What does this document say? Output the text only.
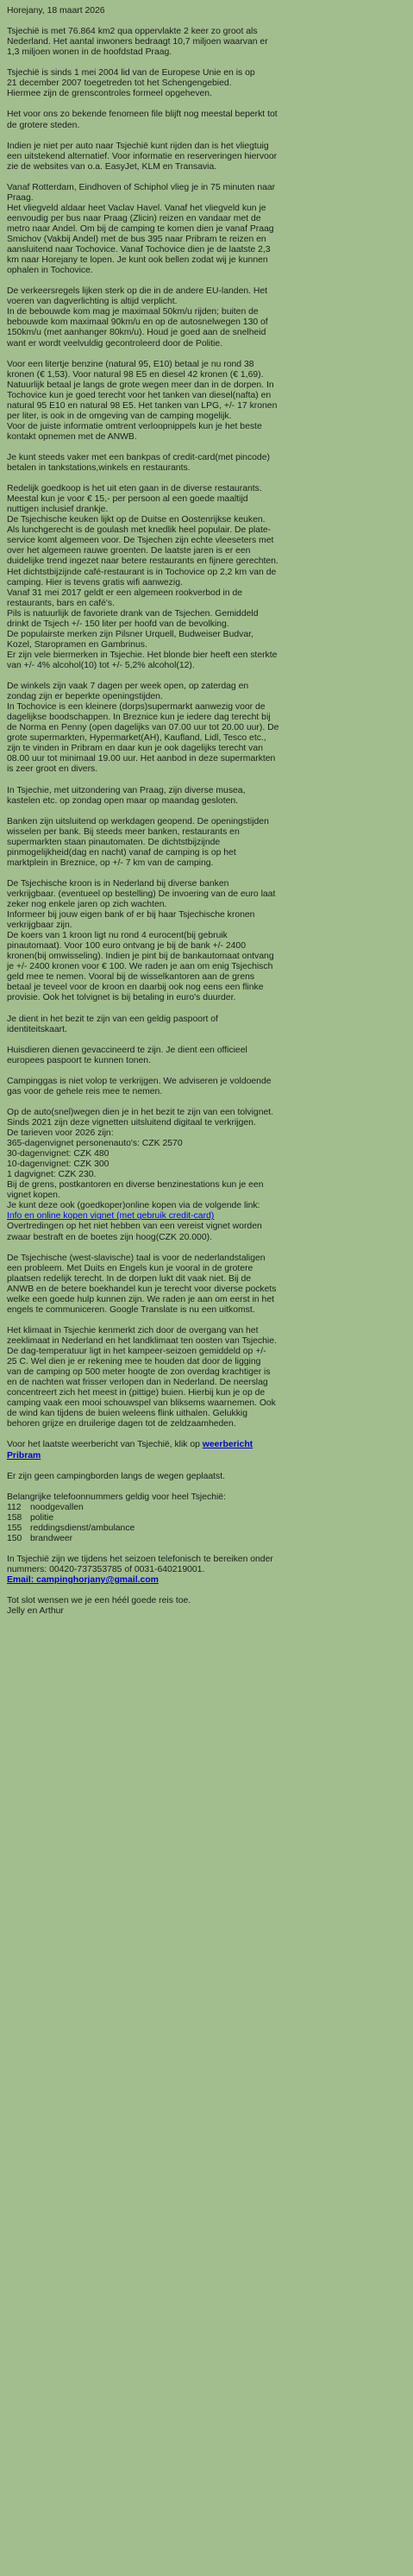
Horejany, 18 maart 2026
Tsjechië is met 76.864 km2 qua oppervlakte 2 keer zo groot als
Nederland. Het aantal inwoners bedraagt 10,7 miljoen waarvan er
1,3 miljoen wonen in de hoofdstad Praag.
Tsjechië is sinds 1 mei 2004 lid van de Europese Unie en is op
21 december 2007 toegetreden tot het Schengengebied.
Hiermee zijn de grenscontroles formeel opgeheven.
Het voor ons zo bekende fenomeen file blijft nog meestal beperkt tot
de grotere steden.
Indien je niet per auto naar Tsjechië kunt rijden dan is het vliegtuig
een uitstekend alternatief. Voor informatie en reserveringen hiervoor
zie de websites van o.a. EasyJet, KLM en Transavia.
Vanaf Rotterdam, Eindhoven of Schiphol vlieg je in 75 minuten naar
Praag.
Het vliegveld aldaar heet Vaclav Havel. Vanaf het vliegveld kun je
eenvoudig per bus naar Praag (Zlicin) reizen en vandaar met de
metro naar Andel. Om bij de camping te komen dien je vanaf Praag
Smichov (Vakbij Andel) met de bus 395 naar Pribram te reizen en
aansluitend naar Tochovice. Vanaf Tochovice dien je de laatste 2,3
km naar Horejany te lopen. Je kunt ook bellen zodat wij je kunnen
ophalen in Tochovice.
De verkeersregels lijken sterk op die in de andere EU-landen. Het
voeren van dagverlichting is altijd verplicht.
In de bebouwde kom mag je maximaal 50km/u rijden; buiten de
bebouwde kom maximaal 90km/u en op de autosnelwegen 130 of
150km/u (met aanhanger 80km/u). Houd je goed aan de snelheid
want er wordt veelvuldig gecontroleerd door de Politie.
Voor een litertje benzine (natural 95, E10) betaal je nu rond 38
kronen (€ 1,53). Voor natural 98 E5 en diesel 42 kronen (€ 1,69).
Natuurlijk betaal je langs de grote wegen meer dan in de dorpen. In
Tochovice kun je goed terecht voor het tanken van diesel(nafta) en
natural 95 E10 en natural 98 E5. Het tanken van LPG, +/- 17 kronen
per liter, is ook in de omgeving van de camping mogelijk.
Voor de juiste informatie omtrent verloopnippels kun je het beste
kontakt opnemen met de ANWB.
Je kunt steeds vaker met een bankpas of credit-card(met pincode)
betalen in tankstations,winkels en restaurants.
Redelijk goedkoop is het uit eten gaan in de diverse restaurants.
Meestal kun je voor € 15,- per persoon al een goede maaltijd
nuttigen inclusief drankje.
De Tsjechische keuken lijkt op de Duitse en Oostenrijkse keuken.
Als lunchgerecht is de goulash met knedlik heel populair. De plate-
service komt algemeen voor. De Tsjechen zijn echte vleeseters met
over het algemeen rauwe groenten. De laatste jaren is er een
duidelijke trend ingezet naar betere restaurants en fijnere gerechten.
Het dichtstbijzijnde café-restaurant is in Tochovice op 2,2 km van de
camping. Hier is tevens gratis wifi aanwezig.
Vanaf 31 mei 2017 geldt er een algemeen rookverbod in de
restaurants, bars en café's.
Pils is natuurlijk de favoriete drank van de Tsjechen. Gemiddeld
drinkt de Tsjech +/- 150 liter per hoofd van de bevolking.
De populairste merken zijn Pilsner Urquell, Budweiser Budvar,
Kozel, Staropramen en Gambrinus.
Er zijn vele biermerken in Tsjechie. Het blonde bier heeft een sterkte
van +/- 4% alcohol(10) tot +/- 5,2% alcohol(12).
De winkels zijn vaak 7 dagen per week open, op zaterdag en
zondag zijn er beperkte openingstijden.
In Tochovice is een kleinere (dorps)supermarkt aanwezig voor de
dagelijkse boodschappen. In Breznice kun je iedere dag terecht bij
de Norma en Penny (open dagelijks van 07.00 uur tot 20.00 uur). De
grote supermarkten, Hypermarket(AH), Kaufland, Lidl, Tesco etc.,
zijn te vinden in Pribram en daar kun je ook dagelijks terecht van
08.00 uur tot minimaal 19.00 uur. Het aanbod in deze supermarkten
is zeer groot en divers.
In Tsjechie, met uitzondering van Praag, zijn diverse musea,
kastelen etc. op zondag open maar op maandag gesloten.
Banken zijn uitsluitend op werkdagen geopend. De openingstijden
wisselen per bank. Bij steeds meer banken, restaurants en
supermarkten staan pinautomaten. De dichtstbijzijnde
pinmogelijkheid(dag en nacht) vanaf de camping is op het
marktplein in Breznice, op +/- 7 km van de camping.
De Tsjechische kroon is in Nederland bij diverse banken
verkrijgbaar. (eventueel op bestelling) De invoering van de euro laat
zeker nog enkele jaren op zich wachten.
Informeer bij jouw eigen bank of er bij haar Tsjechische kronen
verkrijgbaar zijn.
De koers van 1 kroon ligt nu rond 4 eurocent(bij gebruik
pinautomaat). Voor 100 euro ontvang je bij de bank +/- 2400
kronen(bij omwisseling). Indien je pint bij de bankautomaat ontvang
je +/- 2400 kronen voor € 100. We raden je aan om enig Tsjechisch
geld mee te nemen. Vooral bij de wisselkantoren aan de grens
betaal je teveel voor de kroon en daarbij ook nog eens een flinke
provisie. Ook het tolvignet is bij betaling in euro's duurder.
Je dient in het bezit te zijn van een geldig paspoort of
identiteitskaart.
Huisdieren dienen gevaccineerd te zijn. Je dient een officieel
europees paspoort te kunnen tonen.
Campinggas is niet volop te verkrijgen. We adviseren je voldoende
gas voor de gehele reis mee te nemen.
Op de auto(snel)wegen dien je in het bezit te zijn van een tolvignet.
Sinds 2021 zijn deze vignetten uitsluitend digitaal te verkrijgen.
De tarieven voor 2026 zijn:
365-dagenvignet personenauto's: CZK 2570
30-dagenvignet: CZK 480
10-dagenvignet: CZK 300
1 dagvignet: CZK 230.
Bij de grens, postkantoren en diverse benzinestations kun je een
vignet kopen.
Je kunt deze ook (goedkoper)online kopen via de volgende link:
Info en online kopen vignet (met gebruik credit-card)
Overtredingen op het niet hebben van een vereist vignet worden
zwaar bestraft en de boetes zijn hoog(CZK 20.000).
De Tsjechische (west-slavische) taal is voor de nederlandstaligen
een probleem. Met Duits en Engels kun je vooral in de grotere
plaatsen redelijk terecht. In de dorpen lukt dit vaak niet. Bij de
ANWB en de betere boekhandel kun je terecht voor diverse pockets
welke een goede hulp kunnen zijn. We raden je aan om eerst in het
engels te communiceren. Google Translate is nu een uitkomst.
Het klimaat in Tsjechie kenmerkt zich door de overgang van het
zeeklimaat in Nederland en het landklimaat ten oosten van Tsjechie.
De dag-temperatuur ligt in het kampeer-seizoen gemiddeld op +/-
25 C. Wel dien je er rekening mee te houden dat door de ligging
van de camping op 500 meter hoogte de zon overdag krachtiger is
en de nachten wat frisser verlopen dan in Nederland. De neerslag
concentreert zich het meest in (pittige) buien. Hierbij kun je op de
camping vaak een mooi schouwspel van bliksems waarnemen. Ook
de wind kan tijdens de buien weleens flink uithalen. Gelukkig
behoren grijze en druilerige dagen tot de zeldzaamheden.
Voor het laatste weerbericht van Tsjechië, klik op weerbericht
Pribram
Er zijn geen campingborden langs de wegen geplaatst.
Belangrijke telefoonnummers geldig voor heel Tsjechië:
112 noodgevallen
158 politie
155 reddingsdienst/ambulance
150 brandweer
In Tsjechië zijn we tijdens het seizoen telefonisch te bereiken onder
nummers: 00420-737353785 of 0031-640219001.
Email: campinghorjany@gmail.com
Tot slot wensen we je een héél goede reis toe.
Jelly en Arthur
